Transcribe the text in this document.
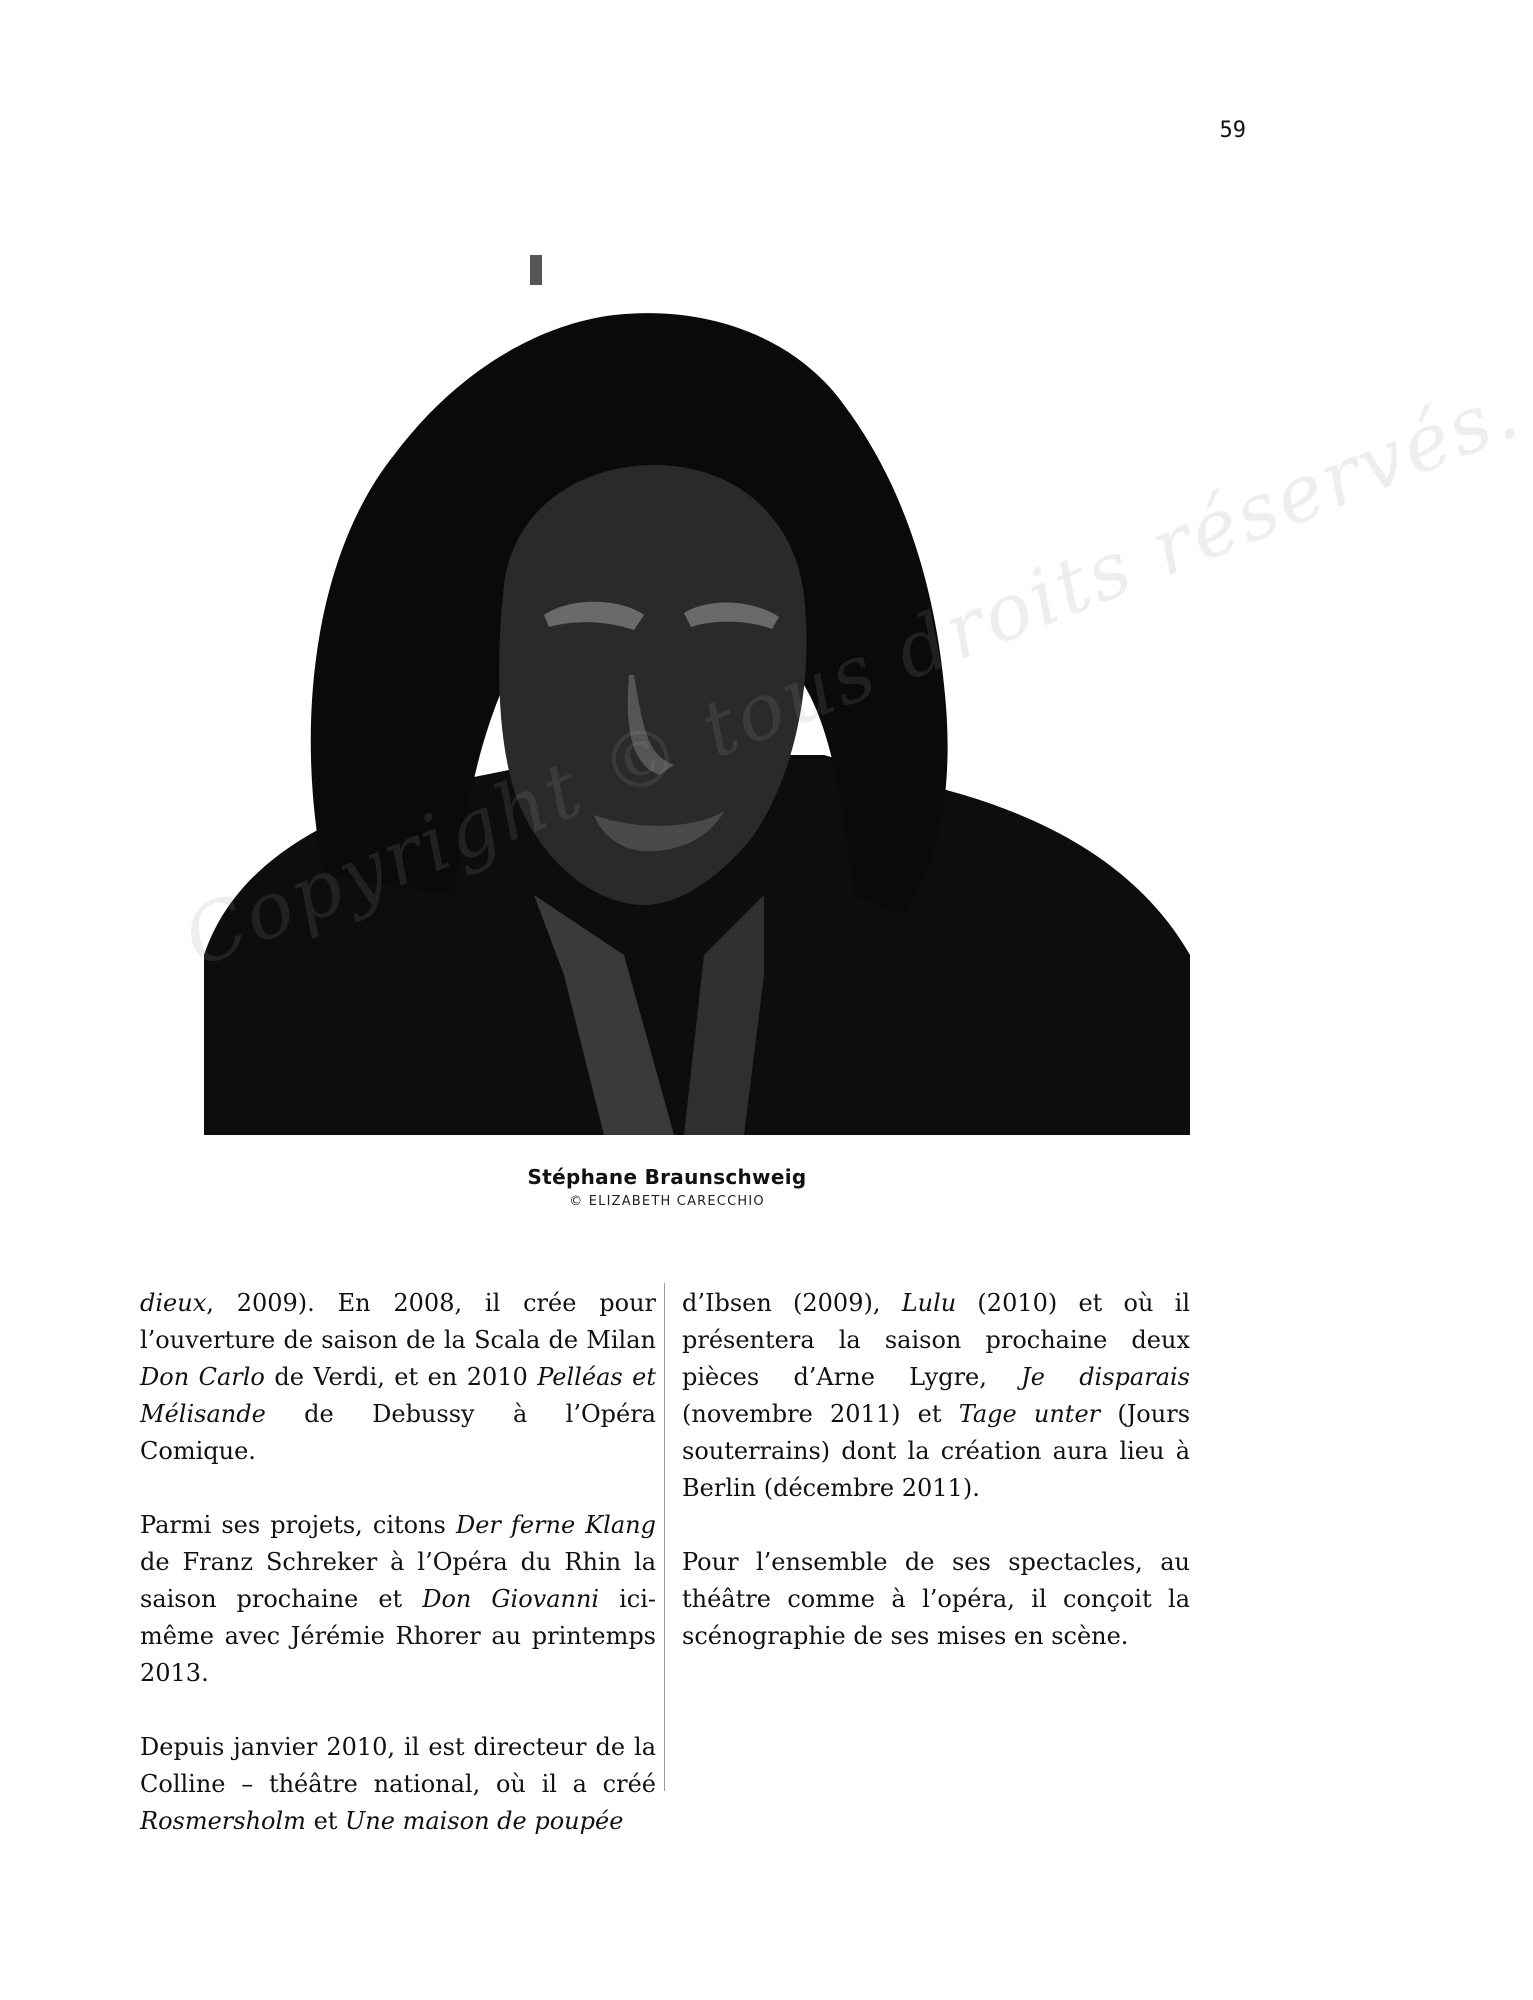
59
réservés.
Stéphane Braunschweig
© ELIZABETH CARECCHIO

dieux, 2009). En 2008, il crée pour l’ouverture de saison de la Scala de Milan Don Carlo de Verdi, et en 2010 Pelléas et Mélisande de Debussy à l’Opéra Comique.

Parmi ses projets, citons Der ferne Klang de Franz Schreker à l’Opéra du Rhin la saison prochaine et Don Giovanni ici-même avec Jérémie Rhorer au printemps 2013.

Depuis janvier 2010, il est directeur de la Colline – théâtre national, où il a créé Rosmersholm et Une maison de poupée

d’Ibsen (2009), Lulu (2010) et où il présentera la saison prochaine deux pièces d’Arne Lygre, Je disparais (novembre 2011) et Tage unter (Jours souterrains) dont la création aura lieu à Berlin (décembre 2011).

Pour l’ensemble de ses spectacles, au théâtre comme à l’opéra, il conçoit la scénographie de ses mises en scène.
